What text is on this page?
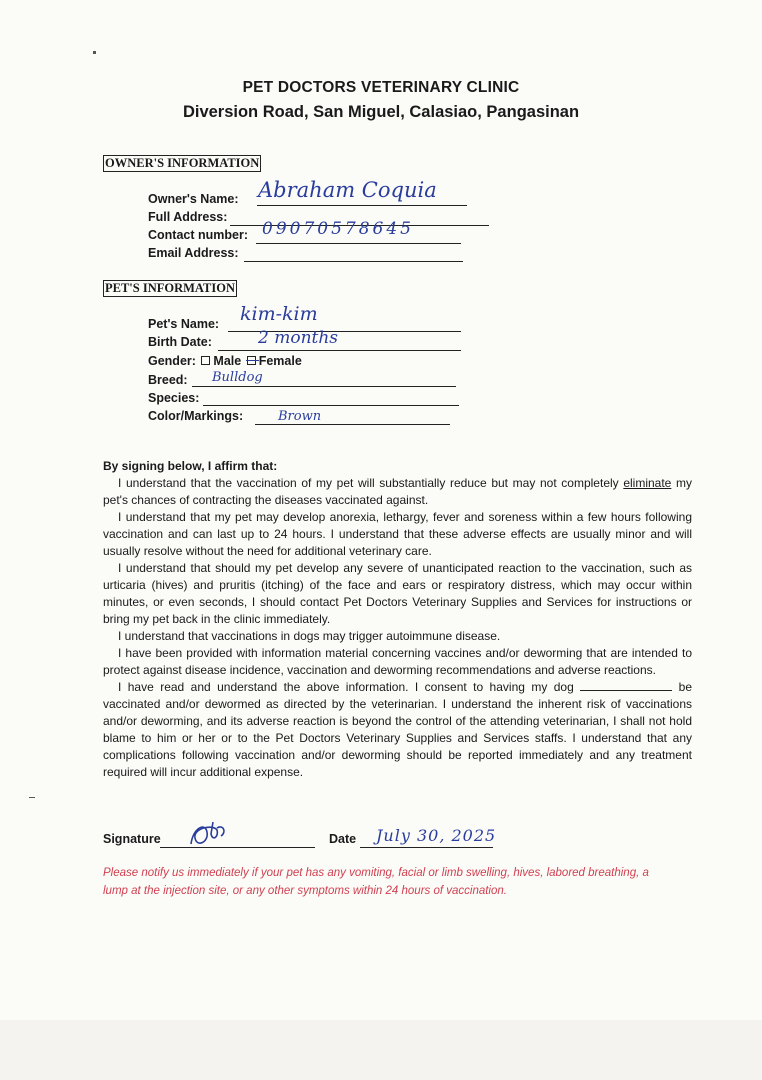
PET DOCTORS VETERINARY CLINIC
Diversion Road, San Miguel, Calasiao, Pangasinan
OWNER'S INFORMATION
Owner's Name: Abraham Coquia
Full Address:
Contact number: 09070578645
Email Address:
PET'S INFORMATION
Pet's Name: kim-kim
Birth Date:	2 months
Gender: Male Female
Breed: Bulldog
Species:
Color/Markings:	Brown

By signing below, I affirm that:

I understand that the vaccination of my pet will substantially reduce but may not completely eliminate my pet's chances of contracting the diseases vaccinated against.

I understand that my pet may develop anorexia, lethargy, fever and soreness within a few hours following vaccination and can last up to 24 hours. I understand that these adverse effects are usually minor and will usually resolve without the need for additional veterinary care.

I understand that should my pet develop any severe of unanticipated reaction to the vaccination, such as urticaria (hives) and pruritis (itching) of the face and ears or respiratory distress, which may occur within minutes, or even seconds, I should contact Pet Doctors Veterinary Supplies and Services for instructions or bring my pet back in the clinic immediately.

I understand that vaccinations in dogs may trigger autoimmune disease.

I have been provided with information material concerning vaccines and/or deworming that are intended to protect against disease incidence, vaccination and deworming recommendations and adverse reactions.

I have read and understand the above information. I consent to having my dog	be vaccinated and/or dewormed as directed by the veterinarian. I understand the inherent risk of vaccinations and/or deworming, and its adverse reaction is beyond the control of the attending veterinarian, I shall not hold blame to him or her or to the Pet Doctors Veterinary Supplies and Services staffs. I understand that any complications following vaccination and/or deworming should be reported immediately and any treatment required will incur additional expense.

Signature	Date July 30, 2025
Please notify us immediately if your pet has any vomiting, facial or limb swelling, hives, labored breathing, a lump at the injection site, or any other symptoms within 24 hours of vaccination.
